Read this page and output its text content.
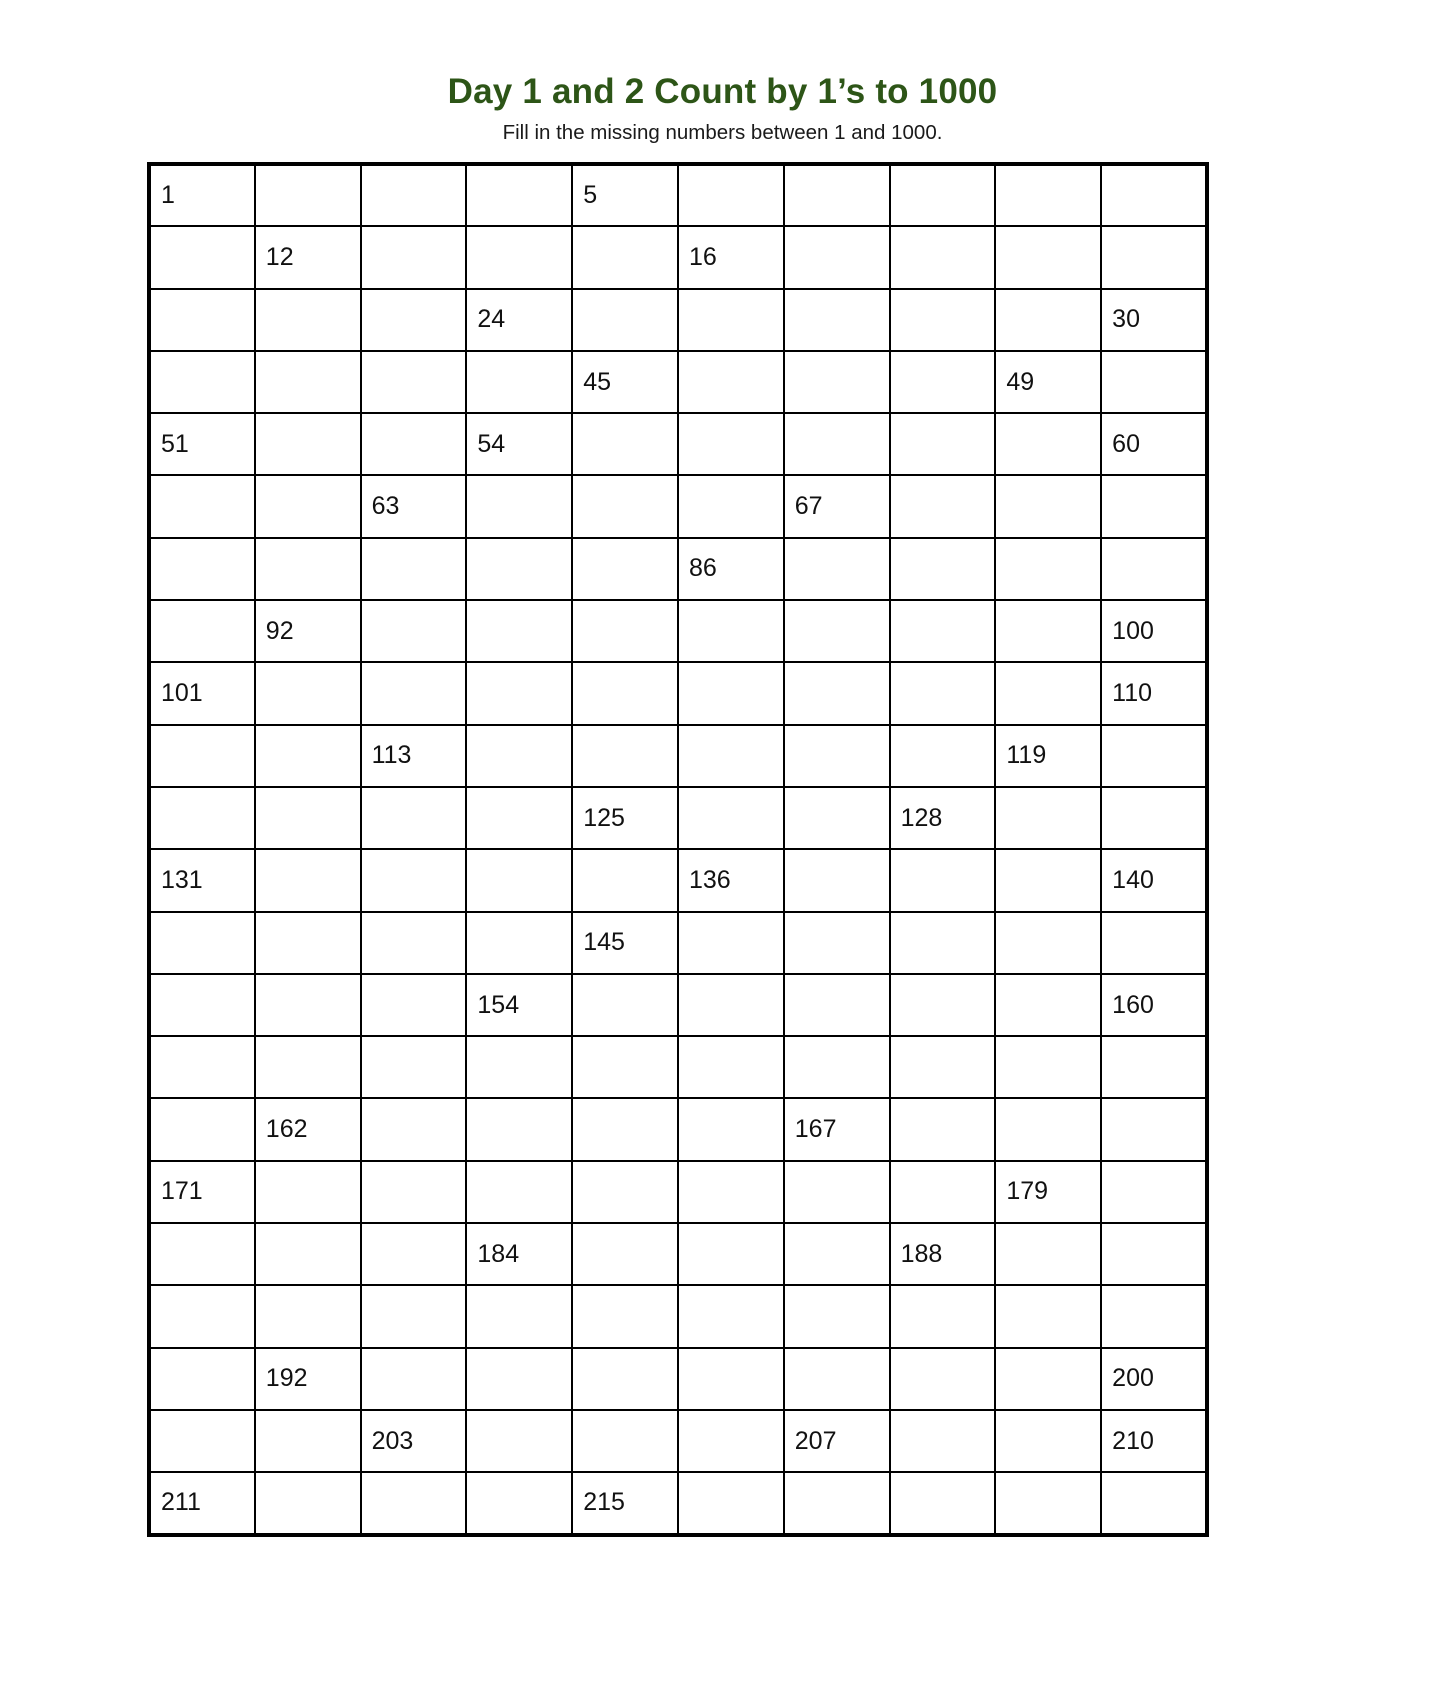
Day 1 and 2 Count by 1’s to 1000

Fill in the missing numbers between 1 and 1000.

1				5					
	12				16				
			24						30
				45				49	
51			54						60
		63				67			
					86				
	92								100
101									110
		113						119	
				125			128		
131					136				140
				145					
			154						160

	162					167			
171								179	
			184				188		

	192								200
		203				207			210
211				215					
